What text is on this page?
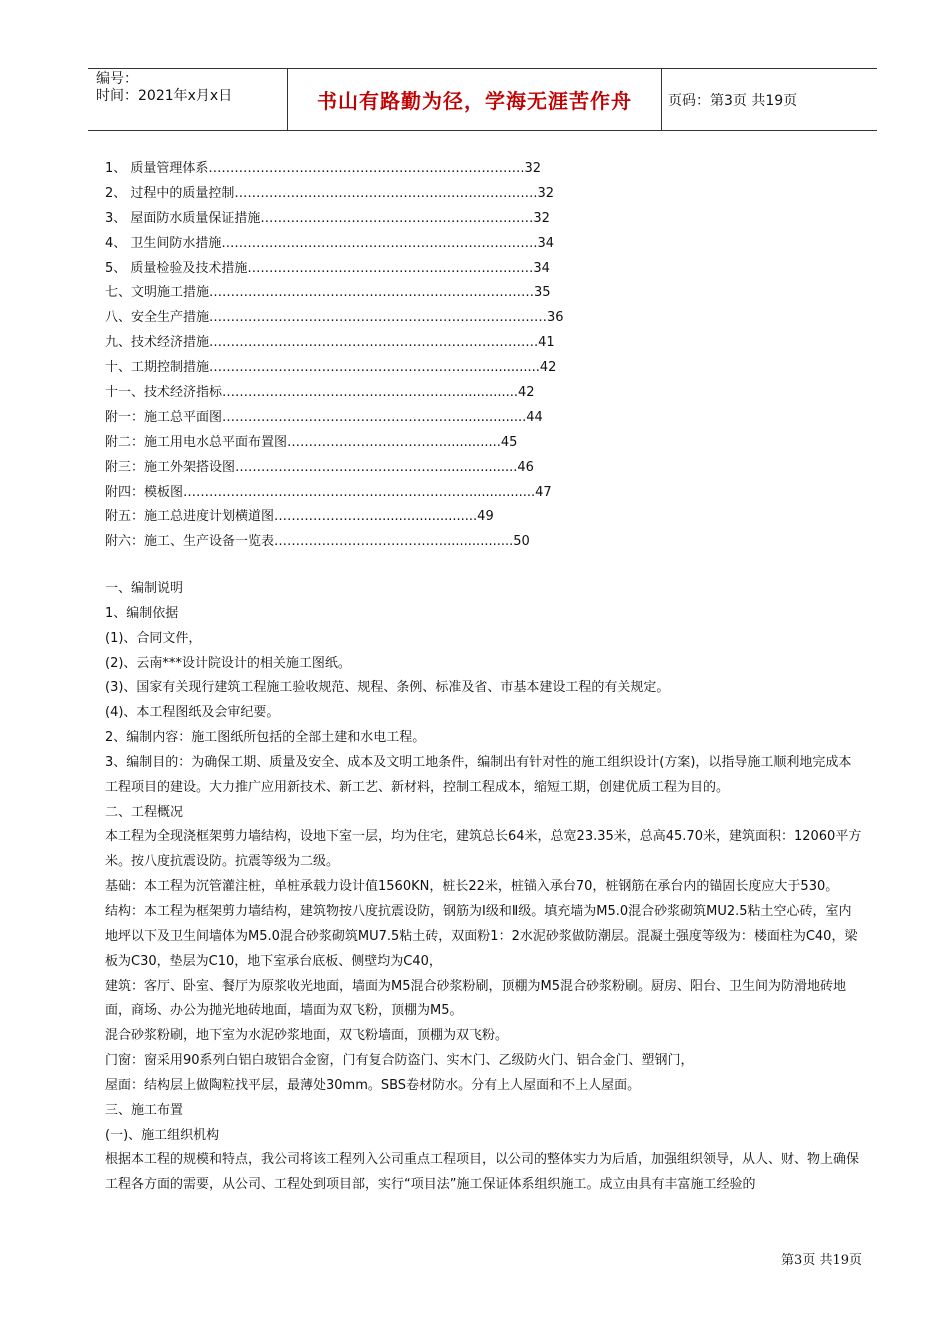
编号：
时间：2021年x月x日	书山有路勤为径，学海无涯苦作舟	页码：第3页 共19页
1、 质量管理体系……………………………………………………………….32
2、 过程中的质量控制…………………………………………………………….32
3、 屋面防水质量保证措施………………………………………………………32
4、 卫生间防水措施……………………………………………………………….34
5、 质量检验及技术措施…………………………………………………………34
七、文明施工措施…………………………………………………………………35
八、安全生产措施……………………………………………………………………36
九、技术经济措施………………………………………………………………….41
十、工期控制措施………………………………………………………..............42
十一、技术经济指标………………………………………………...............42
附一：施工总平面图……………………………………………….................44
附二：施工用电水总平面布置图………………………………..............45
附三：施工外架搭设图…………………………………………..................46
附四：模板图…………………………………………………………................47
附五：施工总进度计划横道图……………………........................49
附六：施工、生产设备一览表………………………………….................50

一、编制说明

1、编制依据

(1)、合同文件，

(2)、云南***设计院设计的相关施工图纸。

(3)、国家有关现行建筑工程施工验收规范、规程、条例、标准及省、市基本建设工程的有关规定。

(4)、本工程图纸及会审纪要。

2、编制内容：施工图纸所包括的全部土建和水电工程。

3、编制目的：为确保工期、质量及安全、成本及文明工地条件，编制出有针对性的施工组织设计(方案)，以指导施工顺利地完成本工程项目的建设。大力推广应用新技术、新工艺、新材料，控制工程成本，缩短工期，创建优质工程为目的。

二、工程概况

本工程为全现浇框架剪力墙结构，设地下室一层，均为住宅，建筑总长64米，总宽23.35米，总高45.70米，建筑面积：12060平方米。按八度抗震设防。抗震等级为二级。

基础：本工程为沉管灌注桩，单桩承载力设计值1560KN，桩长22米，桩锚入承台70，桩钢筋在承台内的锚固长度应大于530。

结构：本工程为框架剪力墙结构，建筑物按八度抗震设防，钢筋为Ⅰ级和Ⅱ级。填充墙为M5.0混合砂浆砌筑MU2.5粘土空心砖，室内地坪以下及卫生间墙体为M5.0混合砂浆砌筑MU7.5粘土砖，双面粉1：2水泥砂浆做防潮层。混凝土强度等级为：楼面柱为C40，梁板为C30，垫层为C10，地下室承台底板、侧壁均为C40，

建筑：客厅、卧室、餐厅为原浆收光地面，墙面为M5混合砂浆粉刷，顶棚为M5混合砂浆粉刷。厨房、阳台、卫生间为防滑地砖地面，商场、办公为抛光地砖地面，墙面为双飞粉，顶棚为M5。

混合砂浆粉刷，地下室为水泥砂浆地面，双飞粉墙面，顶棚为双飞粉。

门窗：窗采用90系列白铝白玻铝合金窗，门有复合防盗门、实木门、乙级防火门、铝合金门、塑钢门，

屋面：结构层上做陶粒找平层，最薄处30mm。SBS卷材防水。分有上人屋面和不上人屋面。

三、施工布置

(一)、施工组织机构

根据本工程的规模和特点，我公司将该工程列入公司重点工程项目，以公司的整体实力为后盾，加强组织领导，从人、财、物上确保工程各方面的需要，从公司、工程处到项目部，实行“项目法”施工保证体系组织施工。成立由具有丰富施工经验的

第3页 共19页
